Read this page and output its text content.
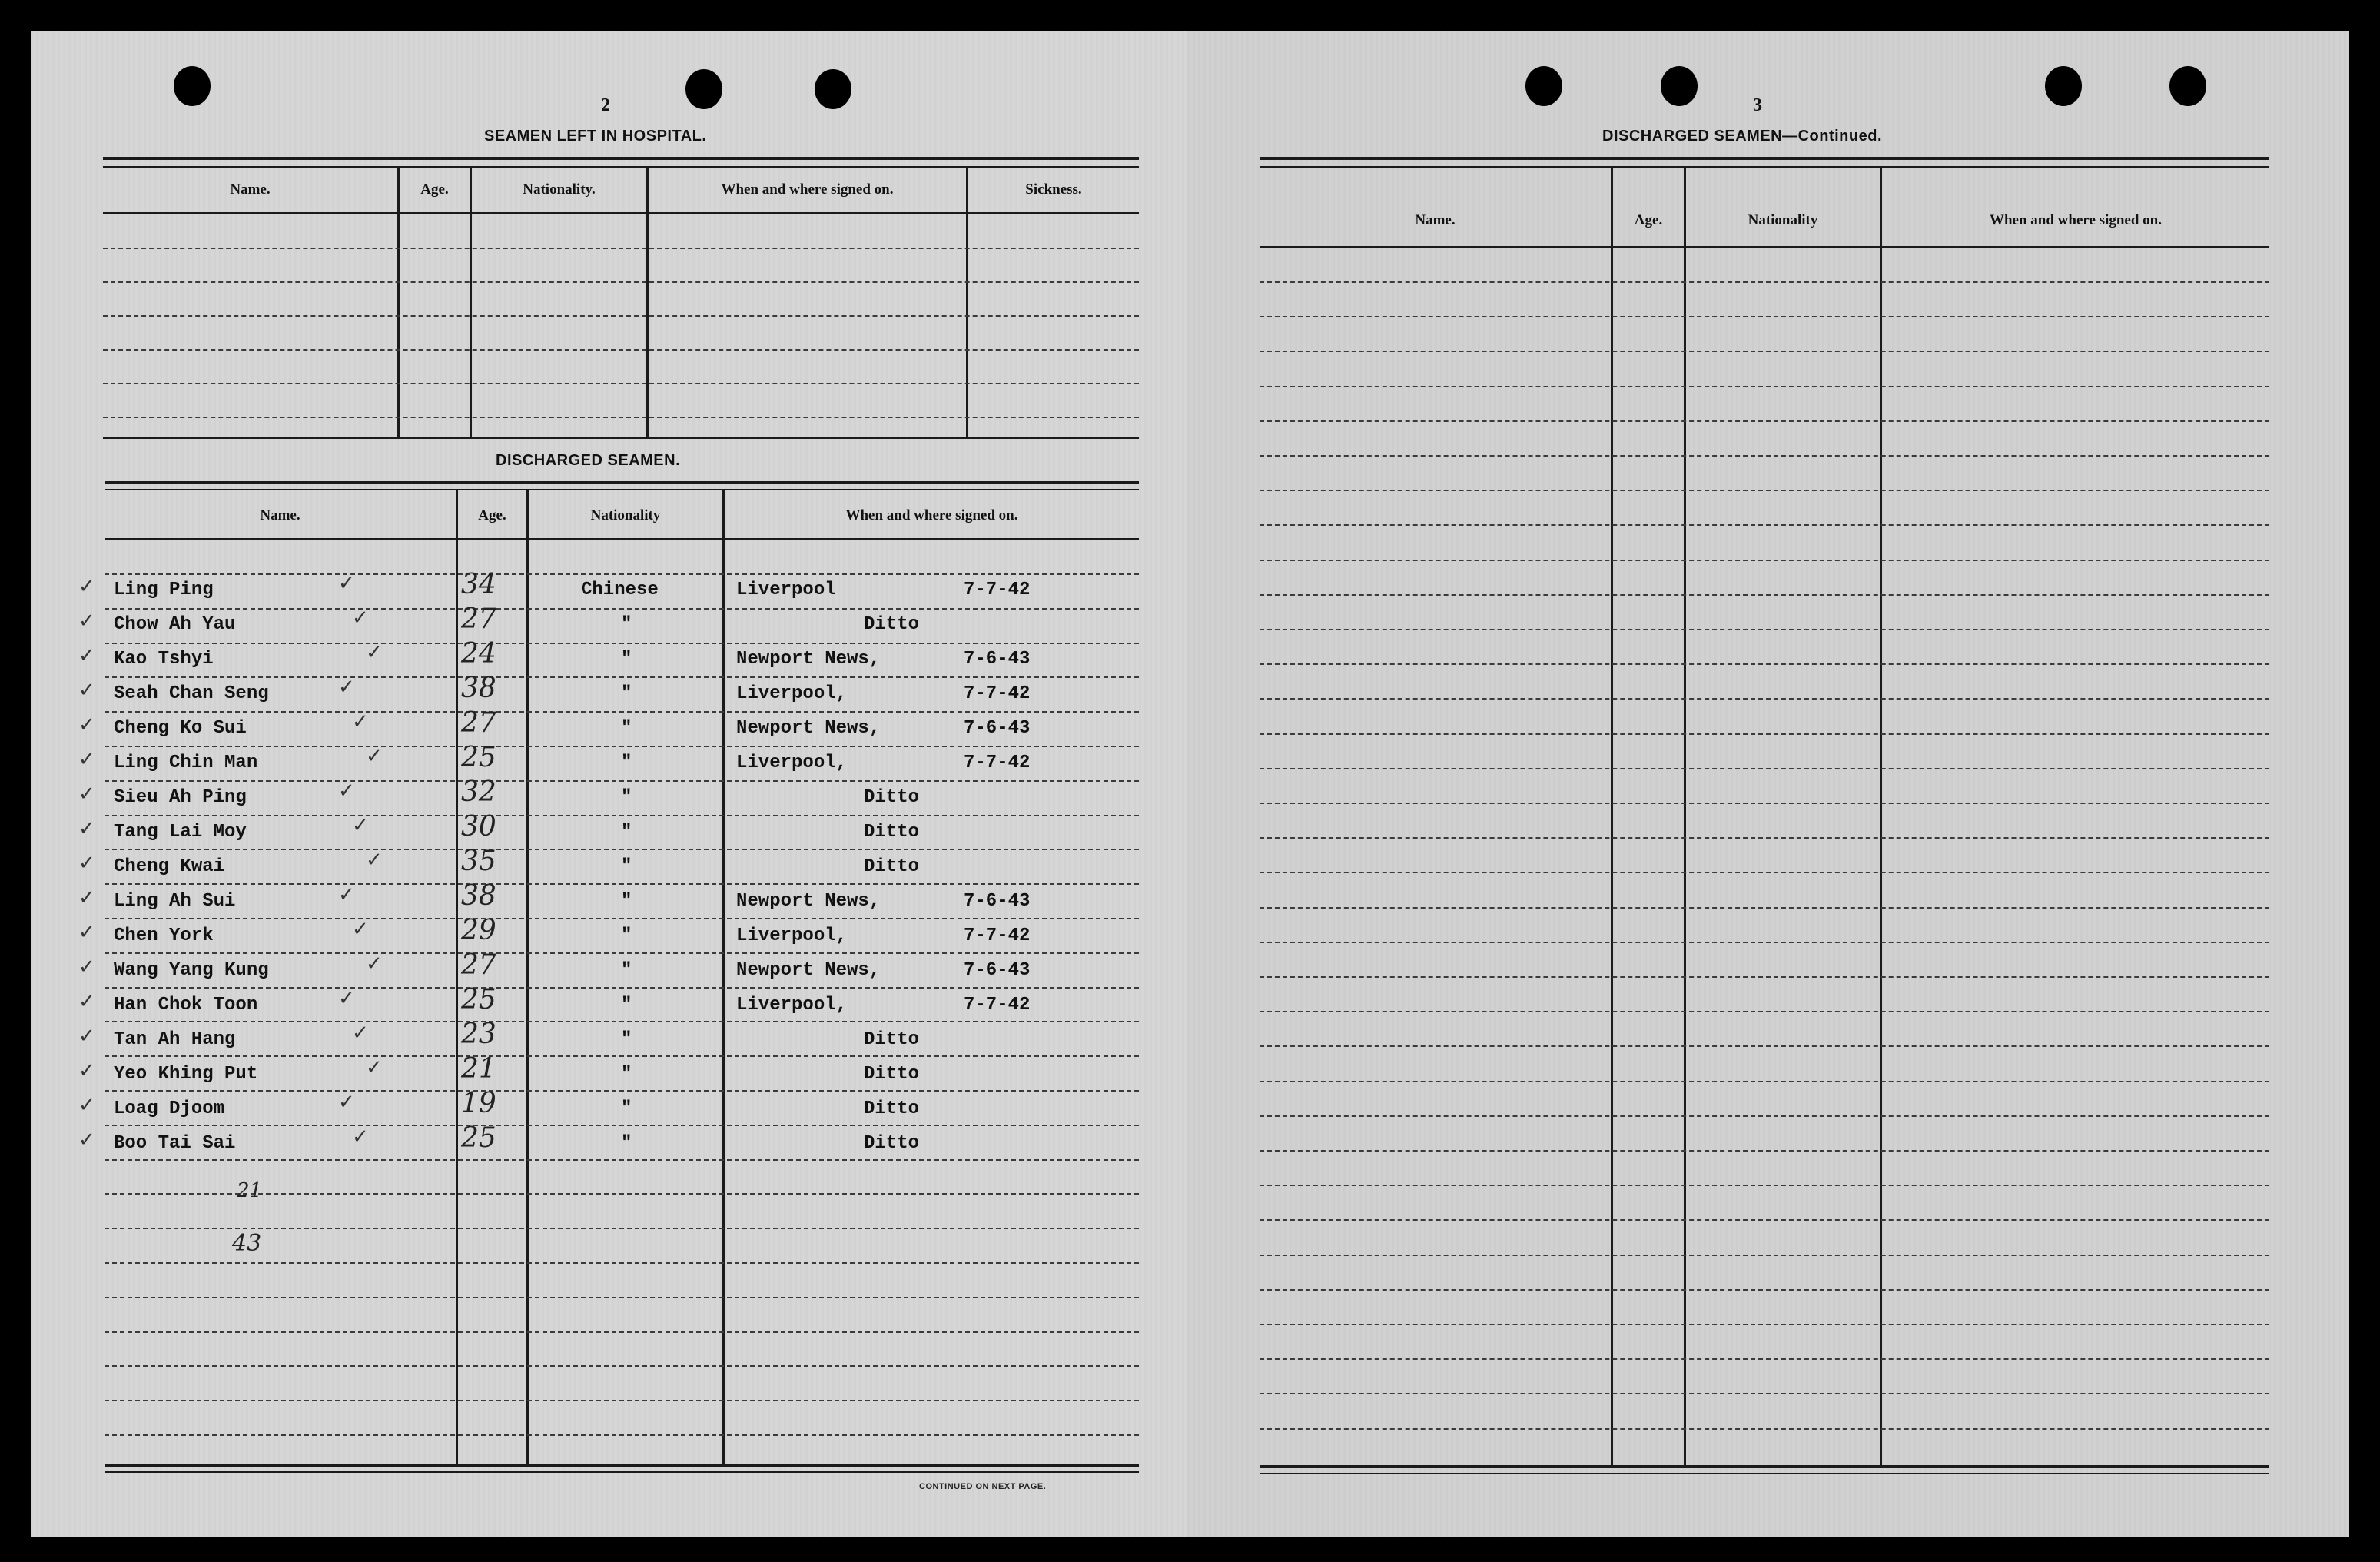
2
SEAMEN LEFT IN HOSPITAL.
Name.	Age.	Nationality.	When and where signed on.	Sickness.
DISCHARGED SEAMEN.
Name.	Age.	Nationality	When and where signed on.
✓ Ling Ping	✓	34	Chinese	Liverpool	7-7-42
✓ Chow Ah Yau	✓	27	"	Ditto
✓ Kao Tshyi	✓	24	"	Newport News,	7-6-43
✓ Seah Chan Seng	✓	38	"	Liverpool,	7-7-42
✓ Cheng Ko Sui	✓	27	"	Newport News,	7-6-43
✓ Ling Chin Man	✓	25	"	Liverpool,	7-7-42
✓ Sieu Ah Ping	✓	32	"	Ditto
✓ Tang Lai Moy	✓	30	"	Ditto
✓ Cheng Kwai	✓	35	"	Ditto
✓ Ling Ah Sui	✓	38	"	Newport News,	7-6-43
✓ Chen York	✓	29	"	Liverpool,	7-7-42
✓ Wang Yang Kung	✓	27	"	Newport News,	7-6-43
✓ Han Chok Toon	✓	25	"	Liverpool,	7-7-42
✓ Tan Ah Hang	✓	23	"	Ditto
✓ Yeo Khing Put	✓	21	"	Ditto
✓ Loag Djoom	✓	19	"	Ditto
✓ Boo Tai Sai	✓	25	"	Ditto
21
43
CONTINUED ON NEXT PAGE.
3
DISCHARGED SEAMEN—Continued.
Name.	Age.	Nationality	When and where signed on.
